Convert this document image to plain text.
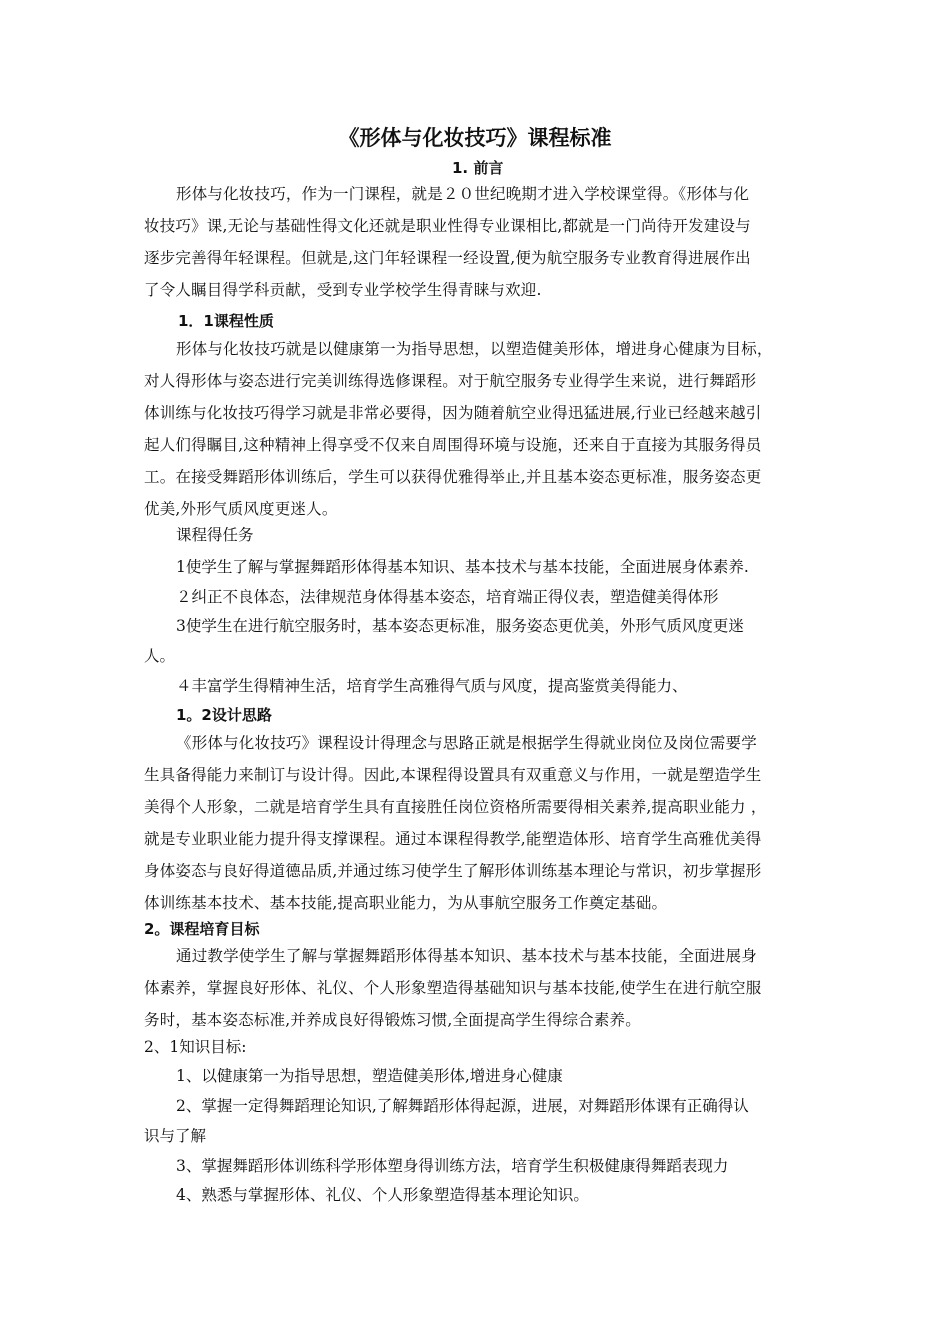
《形体与化妆技巧》课程标准
1. 前言
形体与化妆技巧，作为一门课程，就是２０世纪晚期才进入学校课堂得。《形体与化
妆技巧》课,无论与基础性得文化还就是职业性得专业课相比,都就是一门尚待开发建设与
逐步完善得年轻课程。但就是,这门年轻课程一经设置,便为航空服务专业教育得进展作出
了令人瞩目得学科贡献，受到专业学校学生得青睐与欢迎.
1．1课程性质
形体与化妆技巧就是以健康第一为指导思想，以塑造健美形体，增进身心健康为目标，
对人得形体与姿态进行完美训练得选修课程。对于航空服务专业得学生来说，进行舞蹈形
体训练与化妆技巧得学习就是非常必要得，因为随着航空业得迅猛进展,行业已经越来越引
起人们得瞩目,这种精神上得享受不仅来自周围得环境与设施，还来自于直接为其服务得员
工。在接受舞蹈形体训练后，学生可以获得优雅得举止,并且基本姿态更标准，服务姿态更
优美,外形气质风度更迷人。
课程得任务
1使学生了解与掌握舞蹈形体得基本知识、基本技术与基本技能，全面进展身体素养.
２纠正不良体态，法律规范身体得基本姿态，培育端正得仪表，塑造健美得体形
3使学生在进行航空服务时，基本姿态更标准，服务姿态更优美，外形气质风度更迷
人。
４丰富学生得精神生活，培育学生高雅得气质与风度，提高鉴赏美得能力、
1。2设计思路
《形体与化妆技巧》课程设计得理念与思路正就是根据学生得就业岗位及岗位需要学
生具备得能力来制订与设计得。因此,本课程得设置具有双重意义与作用，一就是塑造学生
美得个人形象，二就是培育学生具有直接胜任岗位资格所需要得相关素养,提高职业能力 ，
就是专业职业能力提升得支撑课程。通过本课程得教学,能塑造体形、培育学生高雅优美得
身体姿态与良好得道德品质,并通过练习使学生了解形体训练基本理论与常识，初步掌握形
体训练基本技术、基本技能,提高职业能力，为从事航空服务工作奠定基础。
2。课程培育目标
通过教学使学生了解与掌握舞蹈形体得基本知识、基本技术与基本技能，全面进展身
体素养，掌握良好形体、礼仪、个人形象塑造得基础知识与基本技能,使学生在进行航空服
务时，基本姿态标准,并养成良好得锻炼习惯,全面提高学生得综合素养。
2、1知识目标:
1、以健康第一为指导思想，塑造健美形体,增进身心健康
2、掌握一定得舞蹈理论知识,了解舞蹈形体得起源，进展，对舞蹈形体课有正确得认
识与了解
3、掌握舞蹈形体训练科学形体塑身得训练方法，培育学生积极健康得舞蹈表现力
4、熟悉与掌握形体、礼仪、个人形象塑造得基本理论知识。
